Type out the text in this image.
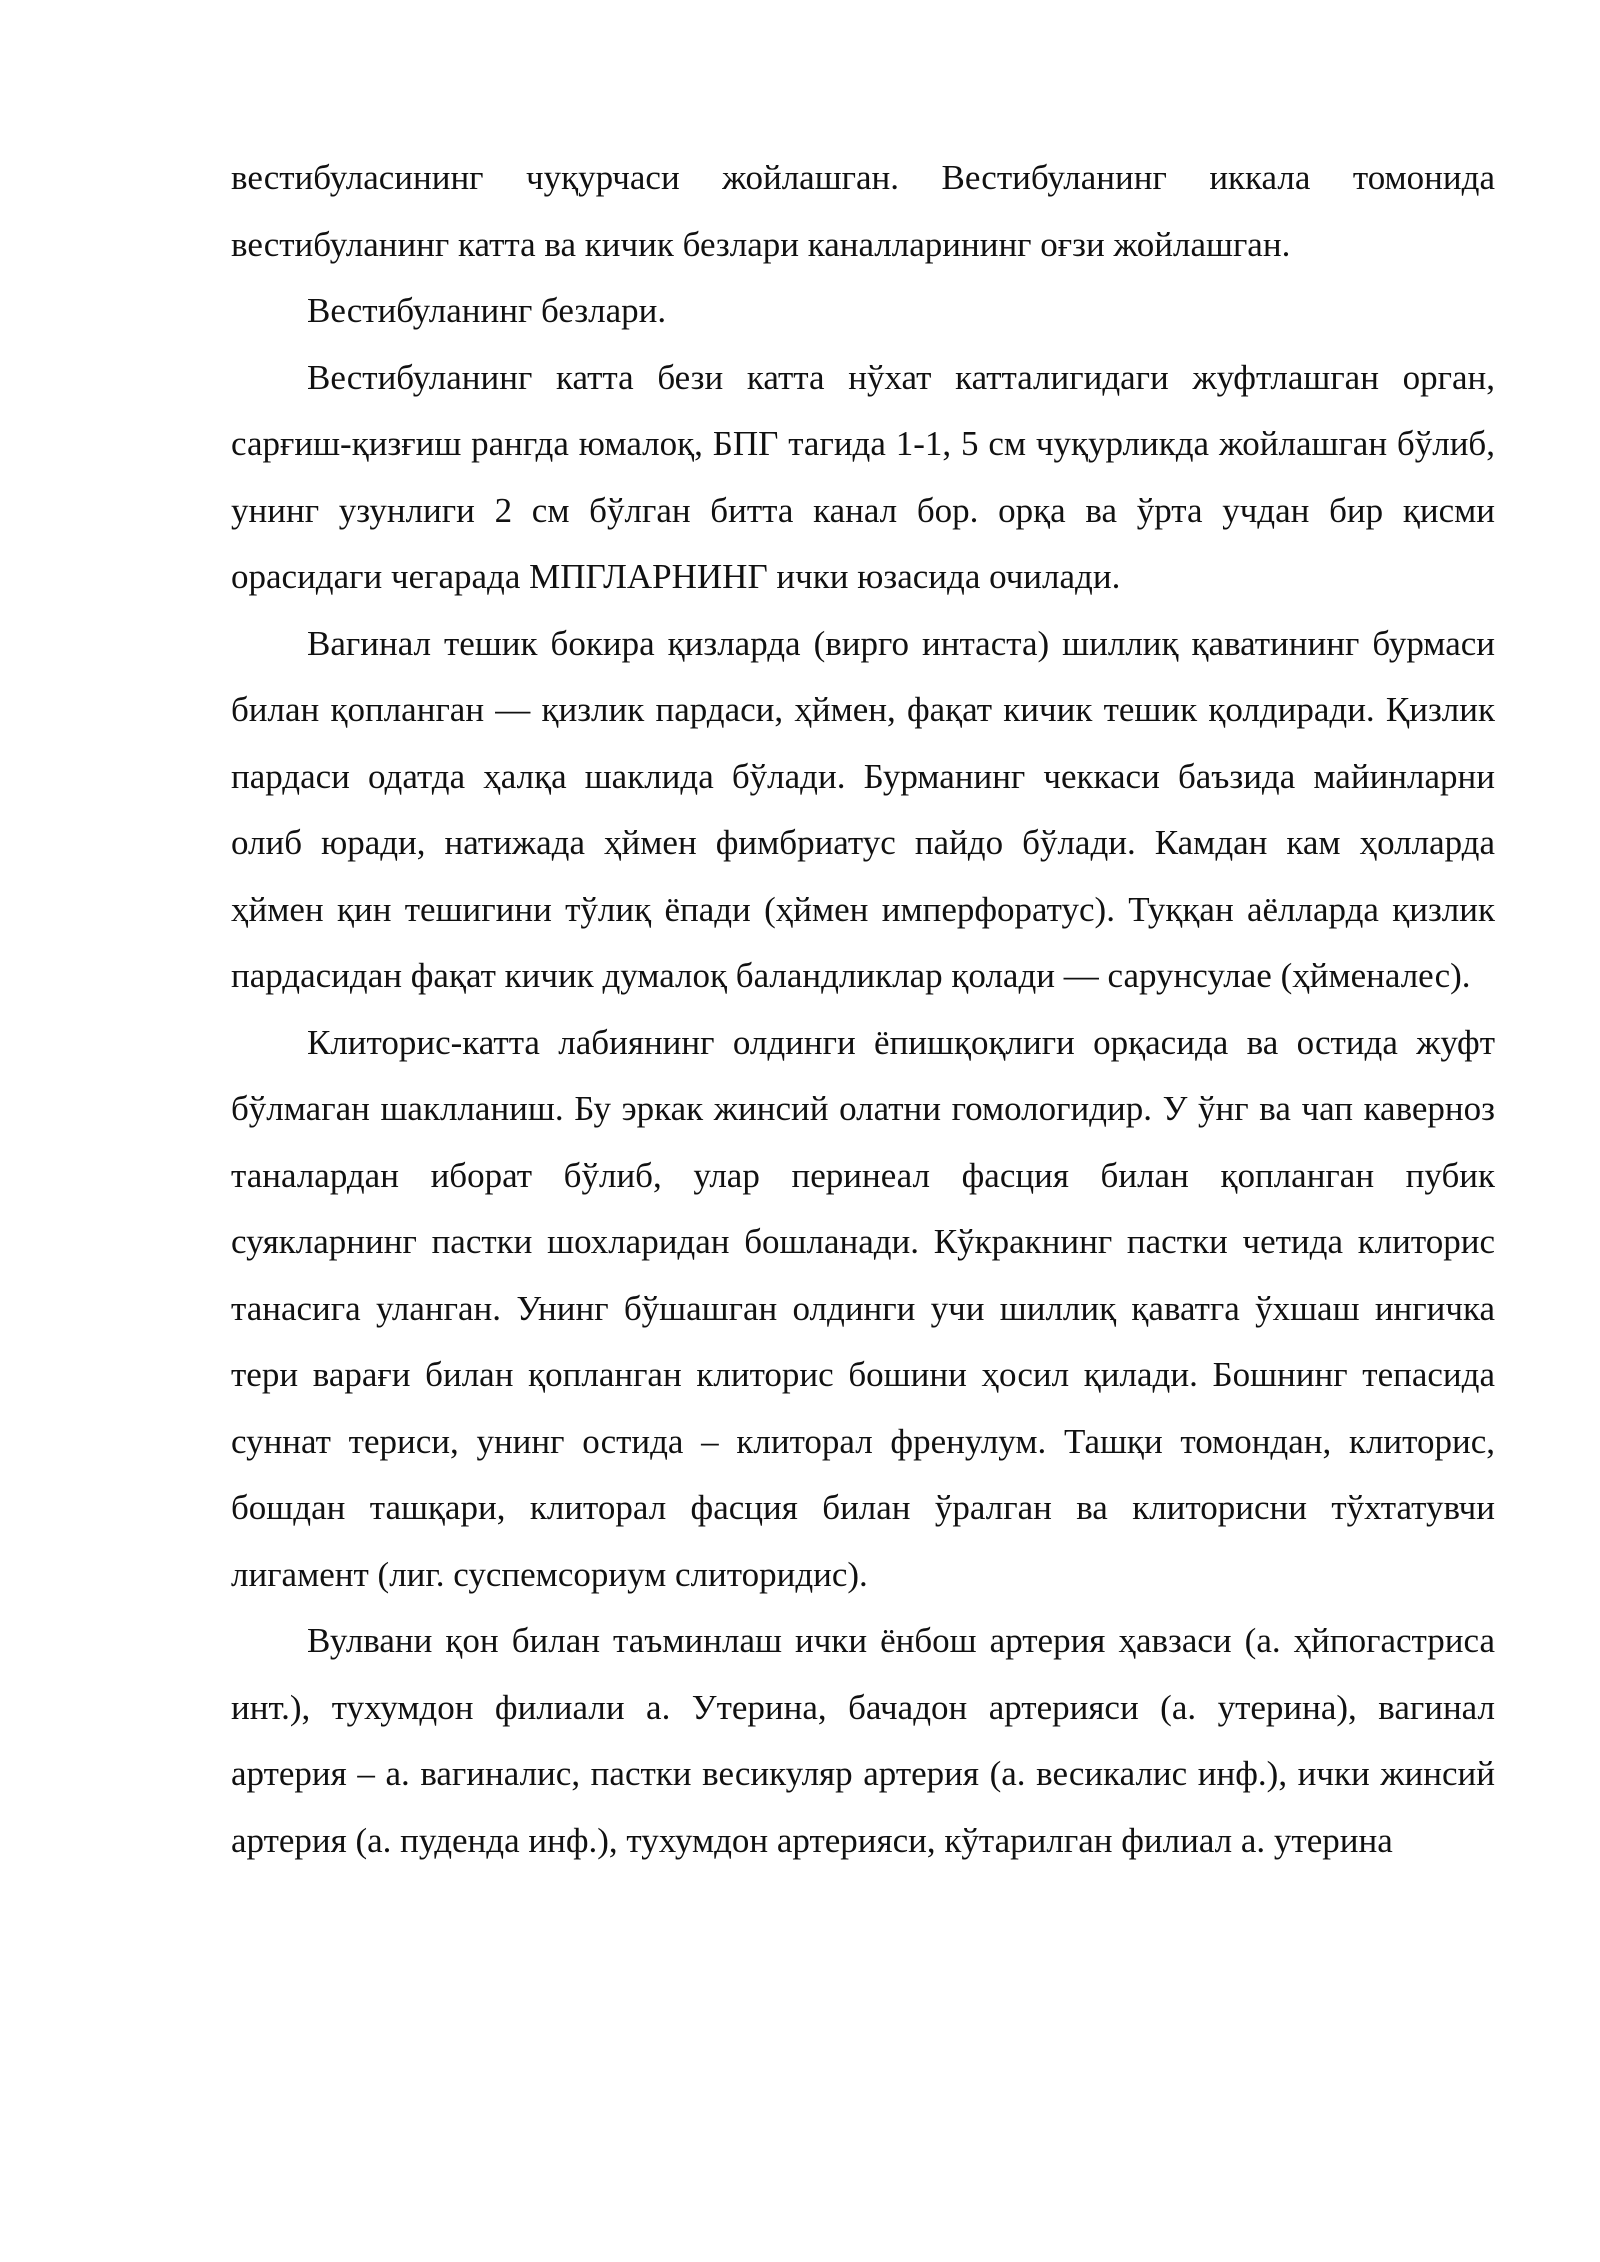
вестибуласининг чуқурчаси жойлашган. Вестибуланинг иккала томонида вестибуланинг катта ва кичик безлари каналларининг оғзи жойлашган.

Вестибуланинг безлари.

Вестибуланинг катта бези катта нўхат катталигидаги жуфтлашган орган, сарғиш-қизғиш рангда юмалоқ, БПГ тагида 1-1, 5 см чуқурликда жойлашган бўлиб, унинг узунлиги 2 см бўлган битта канал бор. орқа ва ўрта учдан бир қисми орасидаги чегарада МПГЛАРНИНГ ички юзасида очилади.

Вагинал тешик бокира қизларда (вирго интаста) шиллиқ қаватининг бурмаси билан қопланган — қизлик пардаси, ҳймен, фақат кичик тешик қолдиради. Қизлик пардаси одатда ҳалқа шаклида бўлади. Бурманинг чеккаси баъзида майинларни олиб юради, натижада ҳймен фимбриатус пайдо бўлади. Камдан кам ҳолларда ҳймен қин тешигини тўлиқ ёпади (ҳймен имперфоратус). Туққан аёлларда қизлик пардасидан фақат кичик думалоқ баландликлар қолади — сарунсулае (ҳйменалес).

Клиторис-катта лабиянинг олдинги ёпишқоқлиги орқасида ва остида жуфт бўлмаган шаклланиш. Бу эркак жинсий олатни гомологидир. У ўнг ва чап каверноз таналардан иборат бўлиб, улар перинеал фасция билан қопланган пубик суякларнинг пастки шохларидан бошланади. Кўкракнинг пастки четида клиторис танасига уланган. Унинг бўшашган олдинги учи шиллиқ қаватга ўхшаш ингичка тери варағи билан қопланган клиторис бошини ҳосил қилади. Бошнинг тепасида суннат териси, унинг остида – клиторал френулум. Ташқи томондан, клиторис, бошдан ташқари, клиторал фасция билан ўралган ва клиторисни тўхтатувчи лигамент (лиг. суспемсориум слиторидис).

Вулвани қон билан таъминлаш ички ёнбош артерия ҳавзаси (а. ҳйпогастриса инт.), тухумдон филиали а. Утерина, бачадон артерияси (а. утерина), вагинал артерия – а. вагиналис, пастки весикуляр артерия (а. весикалис инф.), ички жинсий артерия (а. пуденда инф.), тухумдон артерияси, кўтарилган филиал а. утерина
